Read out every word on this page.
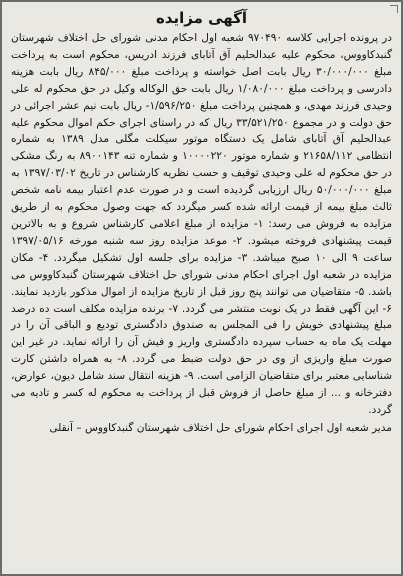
آگهی مزایده

در پرونده اجرایی کلاسه ۹۷۰۴۹۰ شعبه اول احکام مدنی شورای حل اختلاف شهرستان گنبدکاووس، محکوم علیه عبدالحلیم آق آتابای فرزند ادریس، محکوم است به پرداخت مبلغ ۳۰/۰۰۰/۰۰۰ ریال بابت اصل خواسته و پرداخت مبلغ ۸۴۵/۰۰۰ ریال بابت هزینه دادرسی و پرداخت مبلغ ۱/۰۸۰/۰۰۰ ریال بابت حق الوکاله وکیل در حق محکوم له علی وحیدی فرزند مهدی، و همچنین پرداخت مبلغ ۱/۵۹۶/۲۵۰- ریال بابت نیم عشر اجرائی در حق دولت و در مجموع ۳۳/۵۲۱/۲۵۰ ریال که در راستای اجرای حکم اموال محکوم علیه عبدالحلیم آق آتابای شامل یک دستگاه موتور سیکلت مگلی مدل ۱۳۸۹ به شماره انتظامی ۲۱۶۵۸/۱۱۲ و شماره موتور ۱۰۰۰۰۲۲۰ و شماره تنه ۸۹۰۰۱۴۳ به رنگ مشکی در حق محکوم له علی وحیدی توقیف و حسب نظریه کارشناس در تاریخ ۱۳۹۷/۰۳/۰۲ به مبلغ ۵۰/۰۰۰/۰۰۰ ریال ارزیابی گردیده است و در صورت عدم اعتبار بیمه نامه شخص ثالث مبلغ بیمه از قیمت ارائه شده کسر میگردد که جهت وصول محکوم به از طریق مزایده به فروش می رسد: ۱- مزایده از مبلغ اعلامی کارشناس شروع و به بالاترین قیمت پیشنهادی فروخته میشود. ۲- موعد مزایده روز سه شنبه مورخه ۱۳۹۷/۰۵/۱۶ ساعت ۹ الی ۱۰ صبح میباشد. ۳- مزایده برای جلسه اول تشکیل میگردد. ۴- مکان مزایده در شعبه اول اجرای احکام مدنی شورای حل اختلاف شهرستان گنبدکاووس می باشد. ۵- متقاضیان می توانند پنج روز قبل از تاریخ مزایده از اموال مذکور بازدید نمایند. ۶- این آگهی فقط در یک نوبت منتشر می گردد. ۷- برنده مزایده مکلف است ده درصد مبلغ پیشنهادی خویش را فی المجلس به صندوق دادگستری تودیع و الباقی آن را در مهلت یک ماه به حساب سپرده دادگستری واریز و فیش آن را ارائه نماید. در غیر این صورت مبلغ واریزی از وی در حق دولت ضبط می گردد. ۸- به همراه داشتن کارت شناسایی معتبر برای متقاضیان الزامی است. ۹- هزینه انتقال سند شامل دیون، عوارض، دفترخانه و ... از مبلغ حاصل از فروش قبل از پرداخت به محکوم له کسر و تادیه می گردد.

مدیر شعبه اول اجرای احکام شورای حل اختلاف شهرستان گنبدکاووس – آنقلی
